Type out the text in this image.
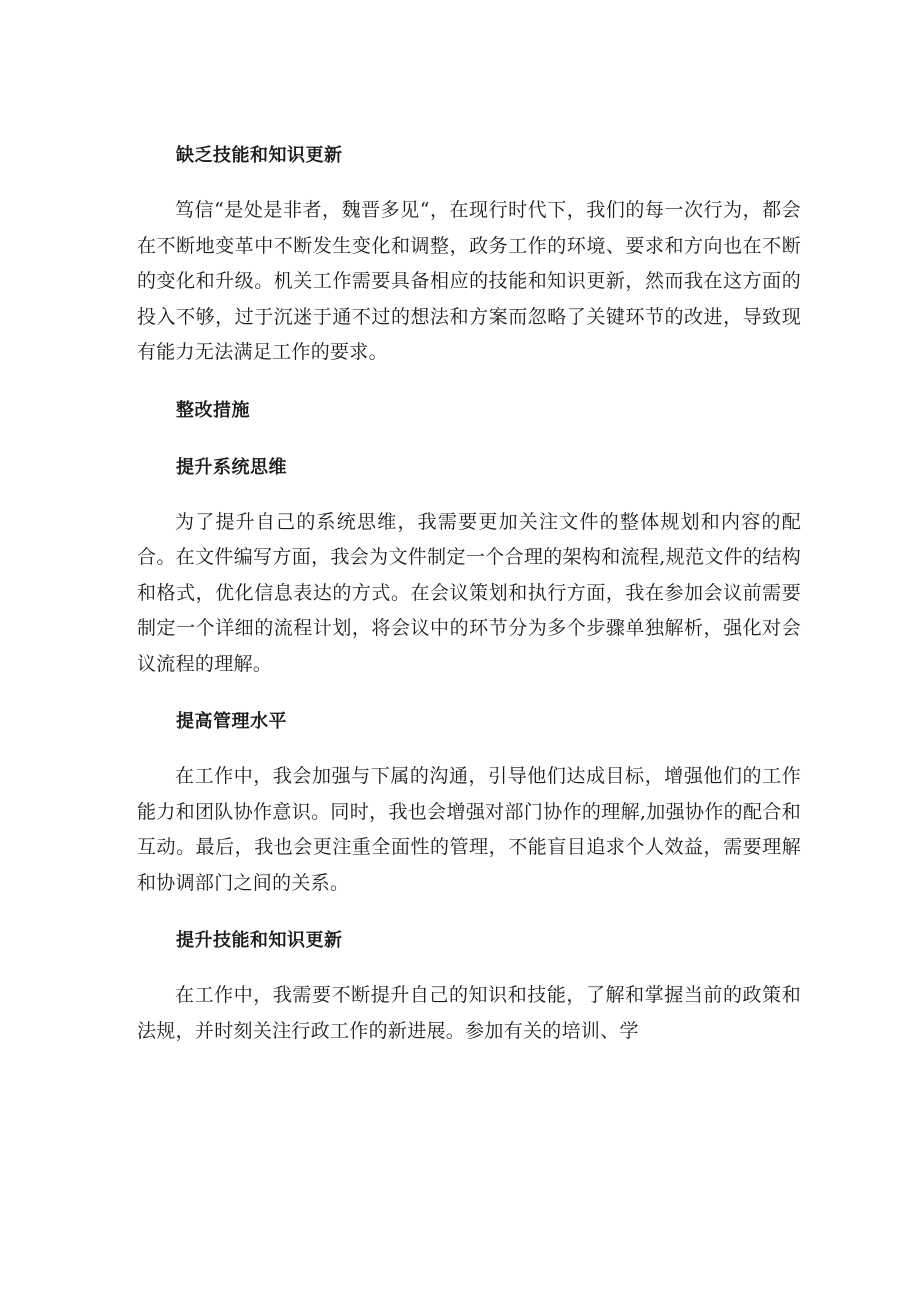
缺乏技能和知识更新

笃信“是处是非者，魏晋多见“，在现行时代下，我们的每一次行为，都会在不断地变革中不断发生变化和调整，政务工作的环境、要求和方向也在不断的变化和升级。机关工作需要具备相应的技能和知识更新，然而我在这方面的投入不够，过于沉迷于通不过的想法和方案而忽略了关键环节的改进，导致现有能力无法满足工作的要求。

整改措施
提升系统思维

为了提升自己的系统思维，我需要更加关注文件的整体规划和内容的配合。在文件编写方面，我会为文件制定一个合理的架构和流程,规范文件的结构和格式，优化信息表达的方式。在会议策划和执行方面，我在参加会议前需要制定一个详细的流程计划，将会议中的环节分为多个步骤单独解析，强化对会议流程的理解。

提高管理水平

在工作中，我会加强与下属的沟通，引导他们达成目标，增强他们的工作能力和团队协作意识。同时，我也会增强对部门协作的理解,加强协作的配合和互动。最后，我也会更注重全面性的管理，不能盲目追求个人效益，需要理解和协调部门之间的关系。

提升技能和知识更新

在工作中，我需要不断提升自己的知识和技能，了解和掌握当前的政策和法规，并时刻关注行政工作的新进展。参加有关的培训、学
